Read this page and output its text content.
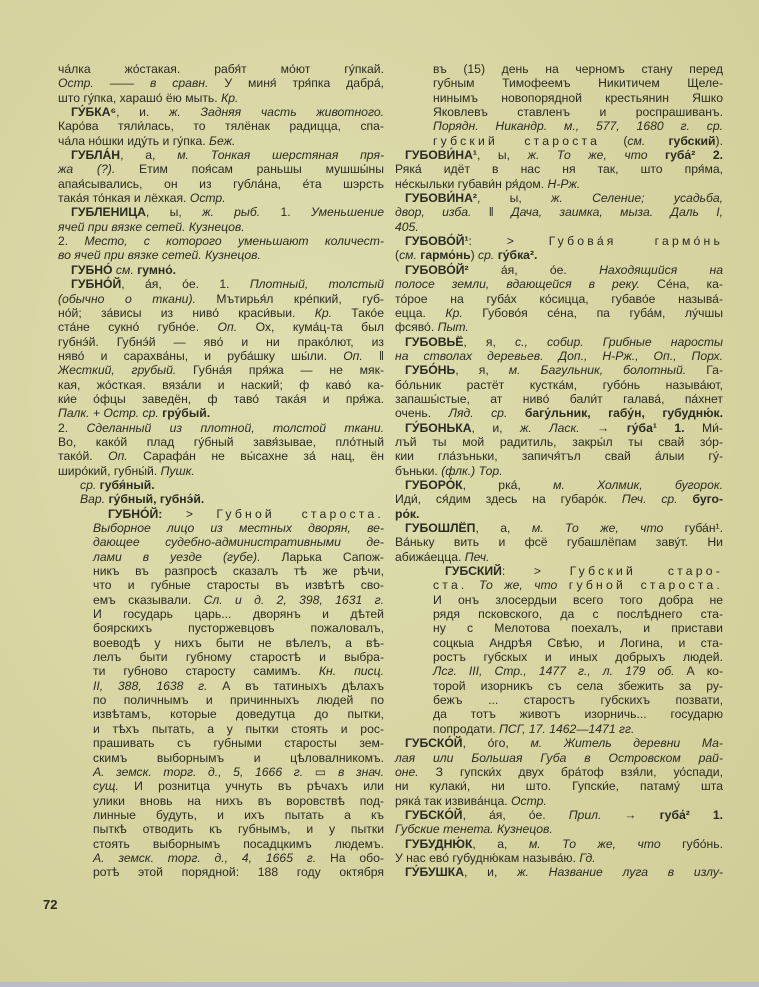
ча́лка жо́стакая. рабя́т мо́ют гу́пкай.
Остр. —— в сравн. У миня́ тря́пка дабра́,
што гу́пка, харашо́ ёю мыть. Кр.
ГУ́БКА⁶, и. ж. Задняя часть животного.
Каро́ва тяли́лась, то тялёнак радицца, спа-
ча́ла но́шки иду́ть и гу́пка. Беж.
ГУБЛА́Н, а, м. Тонкая шерстяная пря-
жа (?). Етим поя́сам раньшы мушшы́ны
апая́сывались, он из губла́на, е́та шэрсть
така́я то́нкая и лёхкая. Остр.
ГУБЛЕНИЦА, ы, ж. рыб. 1. Уменьшение
ячей при вязке сетей. Кузнецов.
2. Место, с которого уменьшают количест-
во ячей при вязке сетей. Кузнецов.
ГУБНО́ см. гумно́.
ГУБНО́Й, а́я, о́е. 1. Плотный, толстый
(обычно о ткани). Мътирья́л кре́пкий, губ-
но́й; за́висы из ниво́ краси́выи. Кр. Тако́е
ста́не сукно́ губно́е. Оп. Ох, кума́ц-та был
губнэ́й. Губнэ́й — яво́ и ни прако́лют, из
няво́ и сарахва́ны, и руба́шку шы́ли. Оп. ‖
Жесткий, грубый. Губна́я пря́жа — не мяк-
кая, жо́сткая. вяза́ли и наский; ф каво́ ка-
ки́е о́фцы заведён, ф таво́ така́я и пря́жа.
Палк. + Остр. ср. гру́бый.
2. Сделанный из плотной, толстой ткани.
Во, како́й плад гу́бный завя́зывае, пло́тный
тако́й. Оп. Сарафа́н не вы́сахне за́ нац, ён
широ́кий, губны́й. Пушк.
ср. губя́ный.
Вар. гу́бный, губнэ́й.
ГУБНО́Й: > Губной староста.
Выборное лицо из местных дворян, ве-
дающее судебно-административными де-
лами в уезде (губе). Ларька Сапож-
никъ въ разпросѣ сказалъ тѣ же рѣчи,
что и губные старосты въ извѣтѣ сво-
емъ сказывали. Сл. и д. 2, 398, 1631 г.
И государь царь... дворянъ и дѣтей
боярскихъ пусторжевцовъ пожаловалъ,
воеводѣ у нихъ быти не вѣлелъ, а вѣ-
лелъ быти губному старостѣ и выбра-
ти губново старосту самимъ. Кн. писц.
II, 388, 1638 г. А въ татиныхъ дѣлахъ
по поличнымъ и причинныхъ людей по
извѣтамъ, которые доведутца до пытки,
и тѣхъ пытать, а у пытки стоять и рос-
прашивать съ губными старосты зем-
скимъ выборнымъ и цѣловалникомъ.
А. земск. торг. д., 5, 1666 г. ▭ в знач.
сущ. И рознитца учнуть въ рѣчахъ или
улики вновь на нихъ въ воровствѣ под-
линные будуть, и ихъ пытать а къ
пыткѣ отводить къ губнымъ, и у пытки
стоять выборнымъ посадцкимъ людемъ.
А. земск. торг. д., 4, 1665 г. На обо-
ротѣ этой порядной: 188 году октября
въ (15) день на черномъ стану перед
губным Тимофеемъ Никитичем Щеле-
нинымъ новопорядной крестьянин Яшко
Яковлевъ ставленъ и роспрашиванъ.
Порядн. Никандр. м., 577, 1680 г. ср.
губский староста (см. губский).
ГУБОВИ́НА¹, ы, ж. То же, что губа́² 2.
Ряка́ идёт в нас ня так, што пря́ма,
не́скыльки губави́н ря́дом. Н-Рж.
ГУБОВИ́НА², ы, ж. Селение; усадьба,
двор, изба. ‖ Дача, заимка, мыза. Даль I,
405.
ГУБОВО́Й¹: > Губова́я гармо́нь
(см. гармо́нь) ср. гу́бка².
ГУБОВО́Й² а́я, о́е. Находящийся на
полосе земли, вдающейся в реку. Се́на, ка-
то́рое на губа́х ко́сицца, губаво́е называ́-
ецца. Кр. Губово́я се́на, па губа́м, лу́чшы
фсяво́. Пыт.
ГУБОВЬЁ, я, с., собир. Грибные наросты
на стволах деревьев. Доп., Н-Рж., Оп., Порх.
ГУБО́НЬ, я, м. Багульник, болотный. Га-
бо́льник растёт кустка́м, губо́нь называ́ют,
запашы́стые, ат ниво́ бали́т галава́, па́хнет
очень. Ляд. ср. багу́льник, габу́н, губудню́к.
ГУ́БОНЬКА, и, ж. Ласк. → гу́ба¹ 1. Ми́-
лъй ты мой радитиль, закры́л ты свай зо́р-
кии гла́зъньки, запичя́тъл свай а́лыи гу́-
бъньки. (флк.) Тор.
ГУБОРО́К, рка́, м. Холмик, бугорок.
Иди́, ся́дим здесь на губаро́к. Печ. ср. буго-
ро́к.
ГУБОШЛЁП, а, м. То же, что губа́н¹.
Ва́ньку вить и фсё губашлёпам заву́т. Ни
абижа́ецца. Печ.
ГУБСКИЙ: > Губский старо-
ста. То же, что губной староста.
И онъ злосердыи всего того добра не
рядя псковского, да с послѣднего ста-
ну с Мелотова поехалъ, и пристави
соцкыа Андрѣя Свѣю, и Логина, и ста-
ростъ губскых и иных добрыхъ людей.
Лсг. III, Стр., 1477 г., л. 179 об. А ко-
торой изорникъ съ села збежить за ру-
бежъ ... старостъ губскихъ позвати,
да тотъ животъ изорничь... государю
попродати. ПСГ, 17. 1462—1471 гг.
ГУБСКО́Й, о́го, м. Житель деревни Ма-
лая или Большая Губа в Островском рай-
оне. З гупски́х двух бра́тоф взя́ли, уо́спади,
ни кулаки́, ни што. Гупски́е, патаму́ шта
ряка́ так извива́нца. Остр.
ГУБСКО́Й, а́я, о́е. Прил. → губа́² 1.
Губские тенета. Кузнецов.
ГУБУДНЮ́К, а, м. То же, что губо́нь.
У нас ево́ губудню́кам называ́ю. Гд.
ГУ́БУШКА, и, ж. Название луга в излу-
72
